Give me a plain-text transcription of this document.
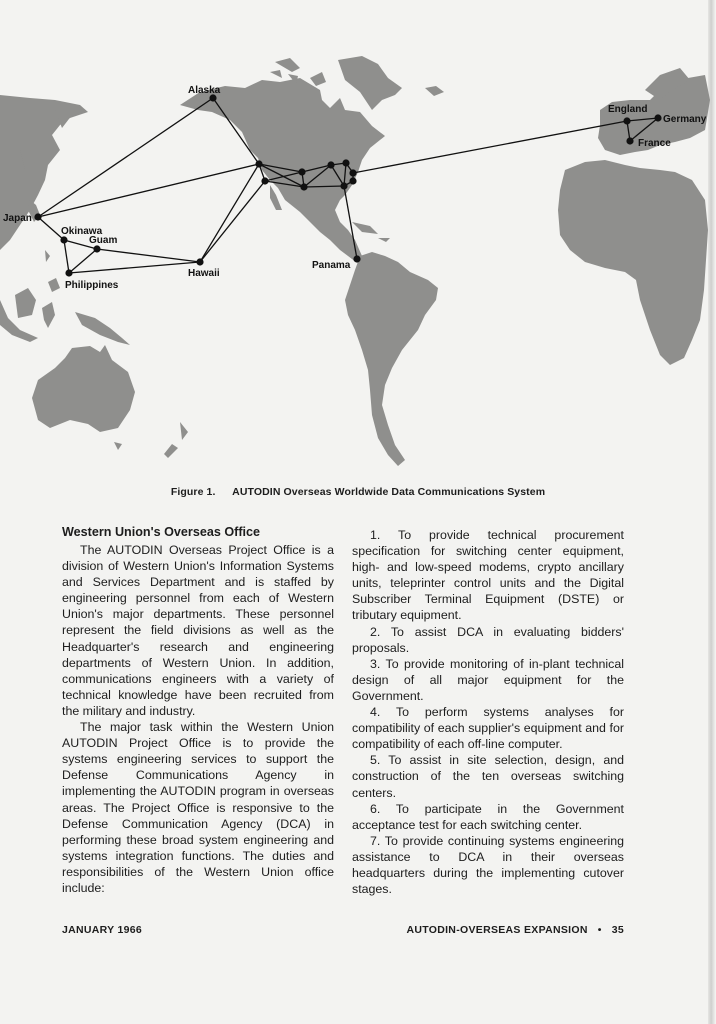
Alaska
Japan
Okinawa
Guam
Philippines
Hawaii
Panama
England
Germany
France
Figure 1. AUTODIN Overseas Worldwide Data Communications System
Western Union's Overseas Office

The AUTODIN Overseas Project Office is a division of Western Union's Information Systems and Services Department and is staffed by engineering personnel from each of Western Union's major departments. These personnel represent the field divisions as well as the Headquarter's research and engineering departments of Western Union. In addition, communications engineers with a variety of technical knowledge have been recruited from the military and industry.

The major task within the Western Union AUTODIN Project Office is to provide the systems engineering services to support the Defense Communications Agency in implementing the AUTODIN program in overseas areas. The Project Office is responsive to the Defense Communication Agency (DCA) in performing these broad system engineering and systems integration functions. The duties and responsibilities of the Western Union office include:

1. To provide technical procurement specification for switching center equipment, high- and low-speed modems, crypto ancillary units, teleprinter control units and the Digital Subscriber Terminal Equipment (DSTE) or tributary equipment.

2. To assist DCA in evaluating bidders' proposals.

3. To provide monitoring of in-plant technical design of all major equipment for the Government.

4. To perform systems analyses for compatibility of each supplier's equipment and for compatibility of each off-line computer.

5. To assist in site selection, design, and construction of the ten overseas switching centers.

6. To participate in the Government acceptance test for each switching center.

7. To provide continuing systems engineering assistance to DCA in their overseas headquarters during the implementing cutover stages.

JANUARY 1966	AUTODIN-OVERSEAS EXPANSION • 35
